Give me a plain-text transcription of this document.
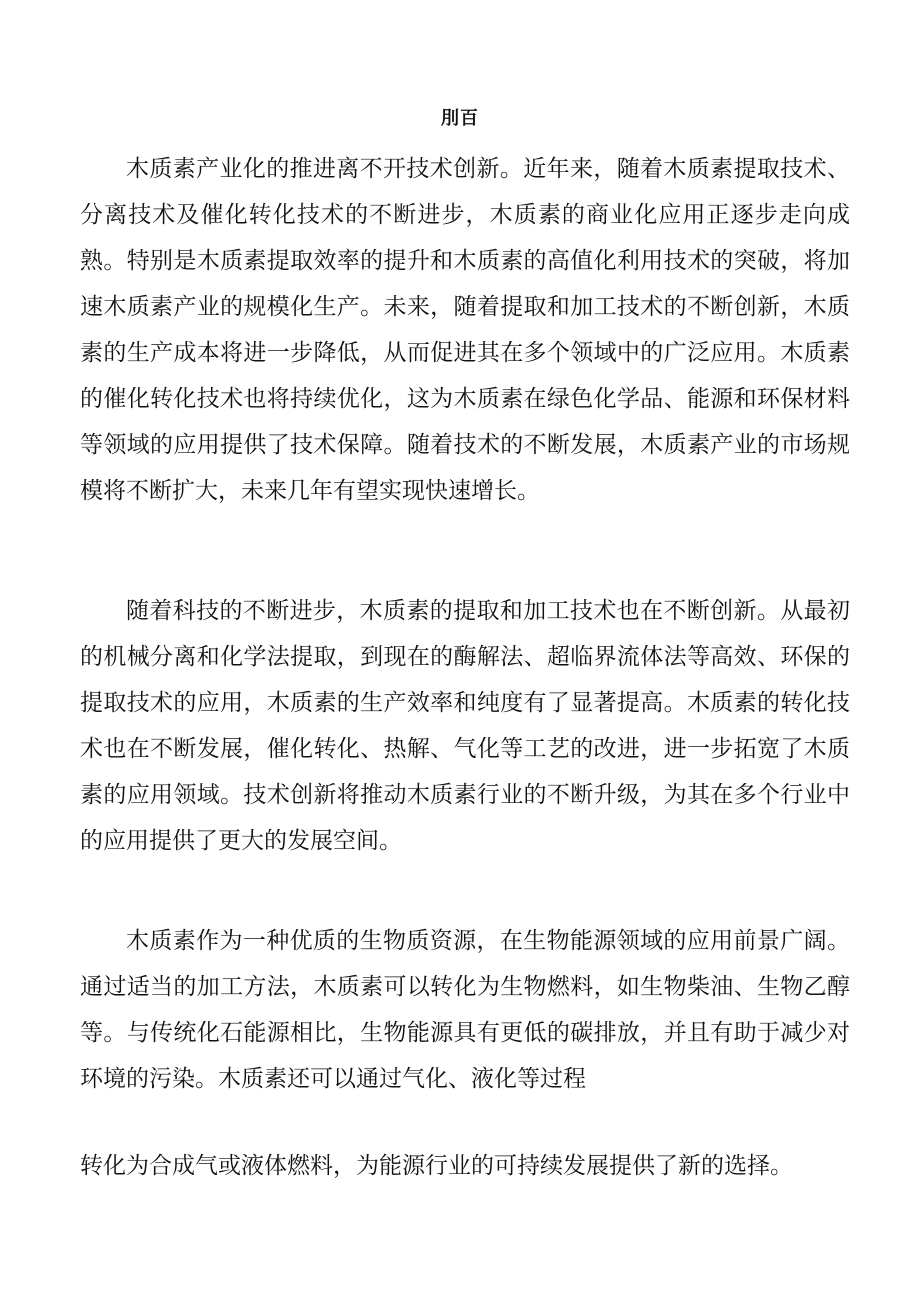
刖百
木质素产业化的推进离不开技术创新。近年来，随着木质素提取技术、分离技术及催化转化技术的不断进步，木质素的商业化应用正逐步走向成熟。特别是木质素提取效率的提升和木质素的高值化利用技术的突破，将加速木质素产业的规模化生产。未来，随着提取和加工技术的不断创新，木质素的生产成本将进一步降低，从而促进其在多个领域中的广泛应用。木质素的催化转化技术也将持续优化，这为木质素在绿色化学品、能源和环保材料等领域的应用提供了技术保障。随着技术的不断发展，木质素产业的市场规模将不断扩大，未来几年有望实现快速增长。
随着科技的不断进步，木质素的提取和加工技术也在不断创新。从最初的机械分离和化学法提取，到现在的酶解法、超临界流体法等高效、环保的提取技术的应用，木质素的生产效率和纯度有了显著提高。木质素的转化技术也在不断发展，催化转化、热解、气化等工艺的改进，进一步拓宽了木质素的应用领域。技术创新将推动木质素行业的不断升级，为其在多个行业中的应用提供了更大的发展空间。
木质素作为一种优质的生物质资源，在生物能源领域的应用前景广阔。通过适当的加工方法，木质素可以转化为生物燃料，如生物柴油、生物乙醇等。与传统化石能源相比，生物能源具有更低的碳排放，并且有助于减少对环境的污染。木质素还可以通过气化、液化等过程
转化为合成气或液体燃料，为能源行业的可持续发展提供了新的选择。
